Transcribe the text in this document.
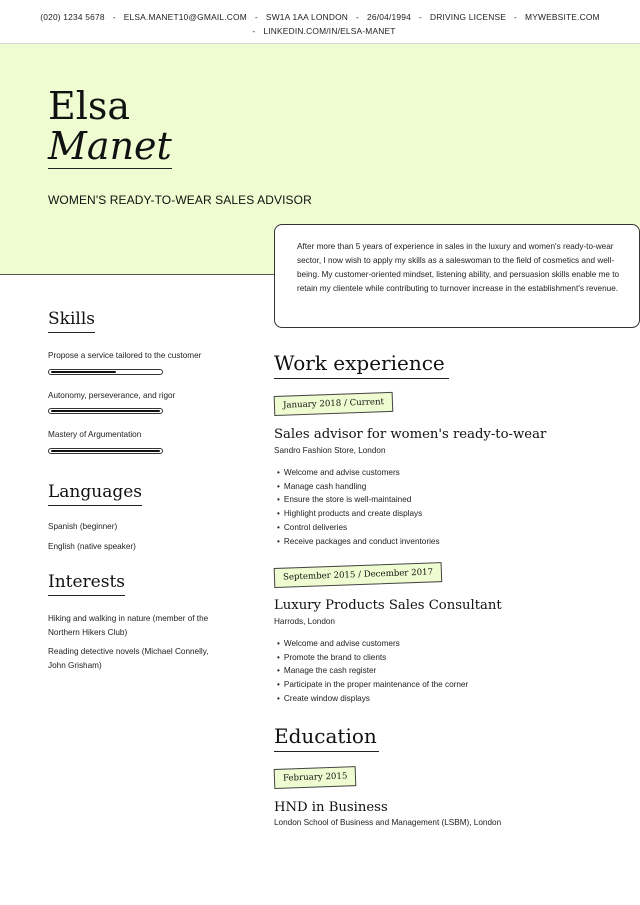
(020) 1234 5678 - ELSA.MANET10@GMAIL.COM - SW1A 1AA LONDON - 26/04/1994 - DRIVING LICENSE - MYWEBSITE.COM
- LINKEDIN.COM/IN/ELSA-MANET
Elsa
Manet
WOMEN'S READY-TO-WEAR SALES ADVISOR
After more than 5 years of experience in sales in the luxury and women's ready-to-wear sector, I now wish to apply my skills as a saleswoman to the field of cosmetics and well-being. My customer-oriented mindset, listening ability, and persuasion skills enable me to retain my clientele while contributing to turnover increase in the establishment's revenue.
Skills
Propose a service tailored to the customer
Autonomy, perseverance, and rigor
Mastery of Argumentation
Languages
Spanish (beginner)
English (native speaker)
Interests
Hiking and walking in nature (member of the
Northern Hikers Club)
Reading detective novels (Michael Connelly,
John Grisham)
Work experience
January 2018 / Current
Sales advisor for women's ready-to-wear
Sandro Fashion Store, London
• Welcome and advise customers
• Manage cash handling
• Ensure the store is well-maintained
• Highlight products and create displays
• Control deliveries
• Receive packages and conduct inventories
September 2015 / December 2017
Luxury Products Sales Consultant
Harrods, London
• Welcome and advise customers
• Promote the brand to clients
• Manage the cash register
• Participate in the proper maintenance of the corner
• Create window displays
Education
February 2015
HND in Business
London School of Business and Management (LSBM), London
